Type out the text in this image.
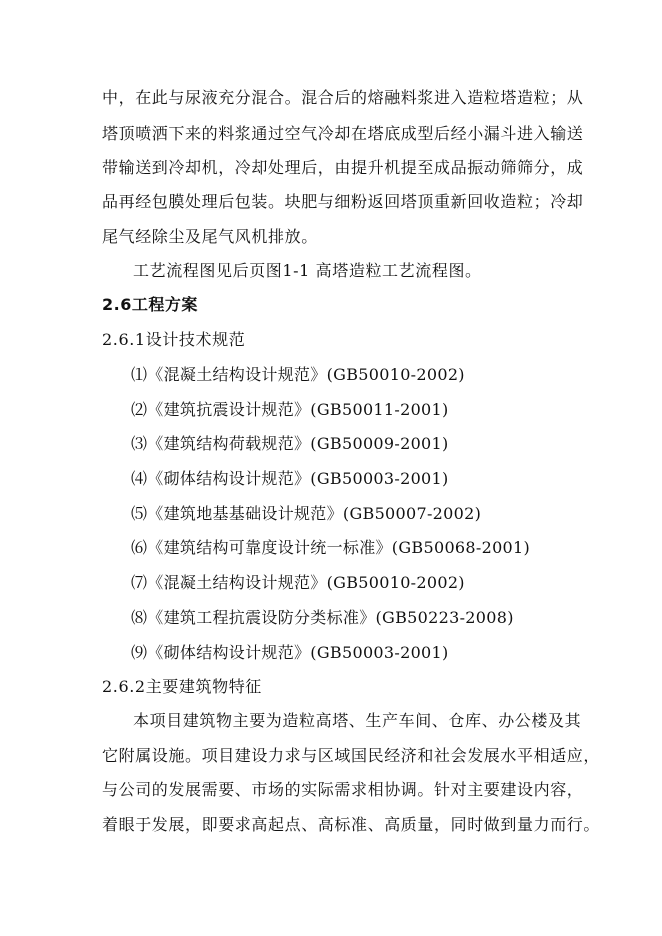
中，在此与尿液充分混合。混合后的熔融料浆进入造粒塔造粒；从
塔顶喷洒下来的料浆通过空气冷却在塔底成型后经小漏斗进入输送
带输送到冷却机，冷却处理后，由提升机提至成品振动筛筛分，成
品再经包膜处理后包装。块肥与细粉返回塔顶重新回收造粒；冷却
尾气经除尘及尾气风机排放。
工艺流程图见后页图1-1 高塔造粒工艺流程图。
2.6工程方案
2.6.1设计技术规范
⑴《混凝土结构设计规范》(GB50010-2002)
⑵《建筑抗震设计规范》(GB50011-2001)
⑶《建筑结构荷载规范》(GB50009-2001)
⑷《砌体结构设计规范》(GB50003-2001)
⑸《建筑地基基础设计规范》(GB50007-2002)
⑹《建筑结构可靠度设计统一标准》(GB50068-2001)
⑺《混凝土结构设计规范》(GB50010-2002)
⑻《建筑工程抗震设防分类标准》(GB50223-2008)
⑼《砌体结构设计规范》(GB50003-2001)
2.6.2主要建筑物特征
本项目建筑物主要为造粒高塔、生产车间、仓库、办公楼及其
它附属设施。项目建设力求与区域国民经济和社会发展水平相适应，
与公司的发展需要、市场的实际需求相协调。针对主要建设内容，
着眼于发展，即要求高起点、高标准、高质量，同时做到量力而行。
